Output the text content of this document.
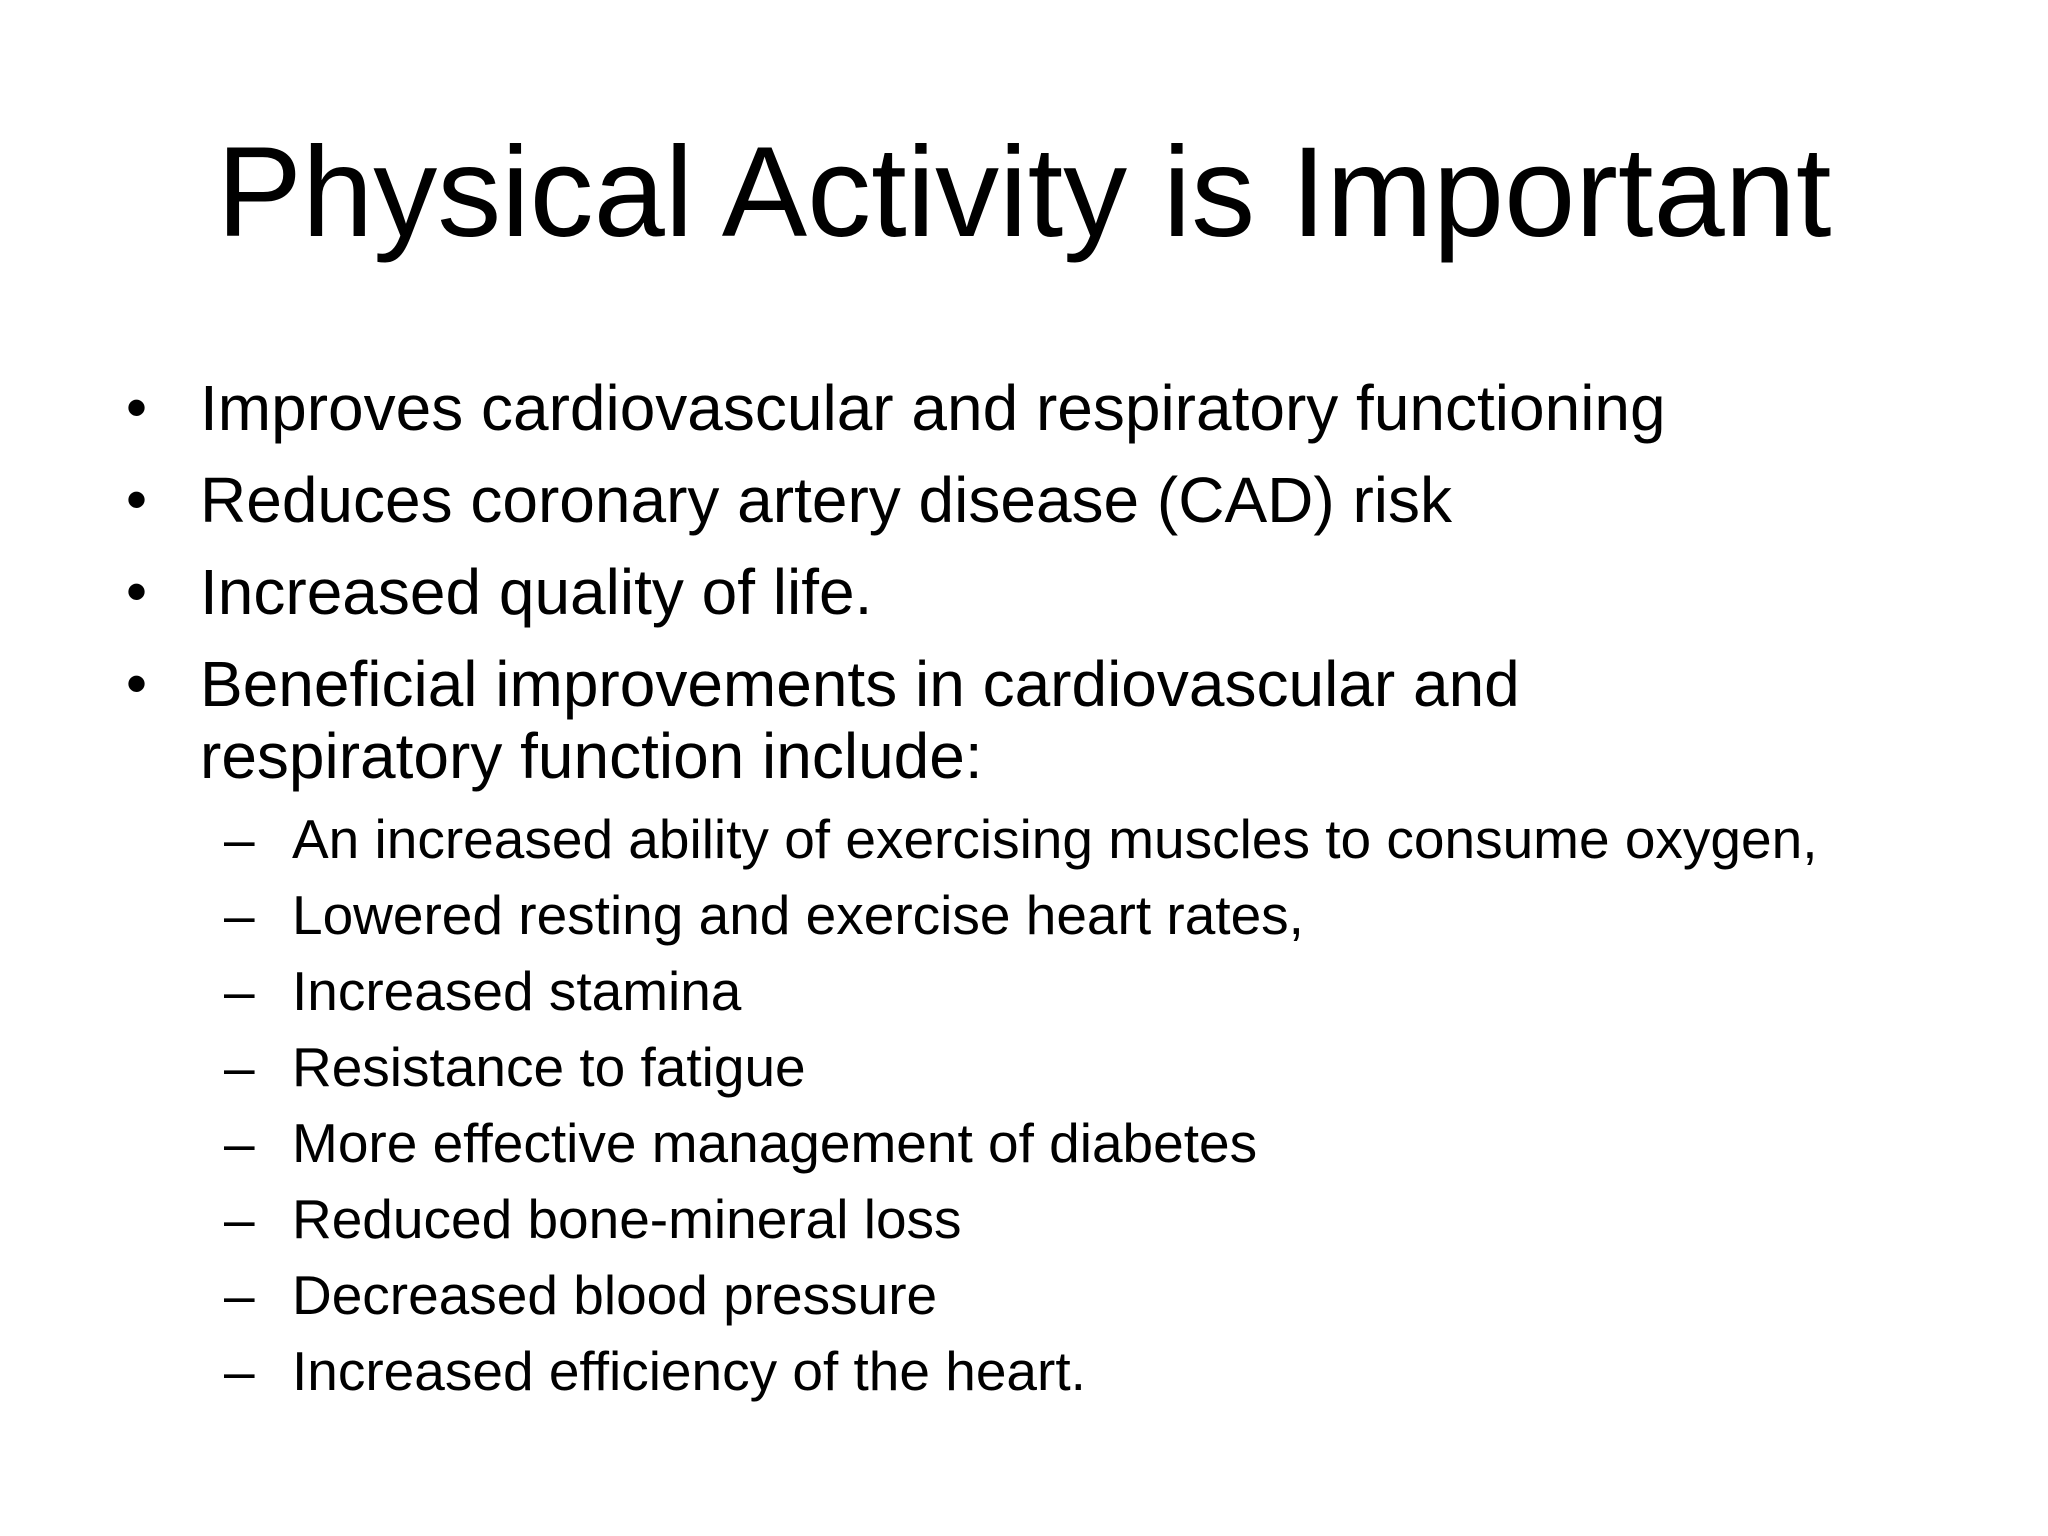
Physical Activity is Important
• Improves cardiovascular and respiratory functioning
• Reduces coronary artery disease (CAD) risk
• Increased quality of life.
• Beneficial improvements in cardiovascular and respiratory function include:
– An increased ability of exercising muscles to consume oxygen,
– Lowered resting and exercise heart rates,
– Increased stamina
– Resistance to fatigue
– More effective management of diabetes
– Reduced bone-mineral loss
– Decreased blood pressure
– Increased efficiency of the heart.
